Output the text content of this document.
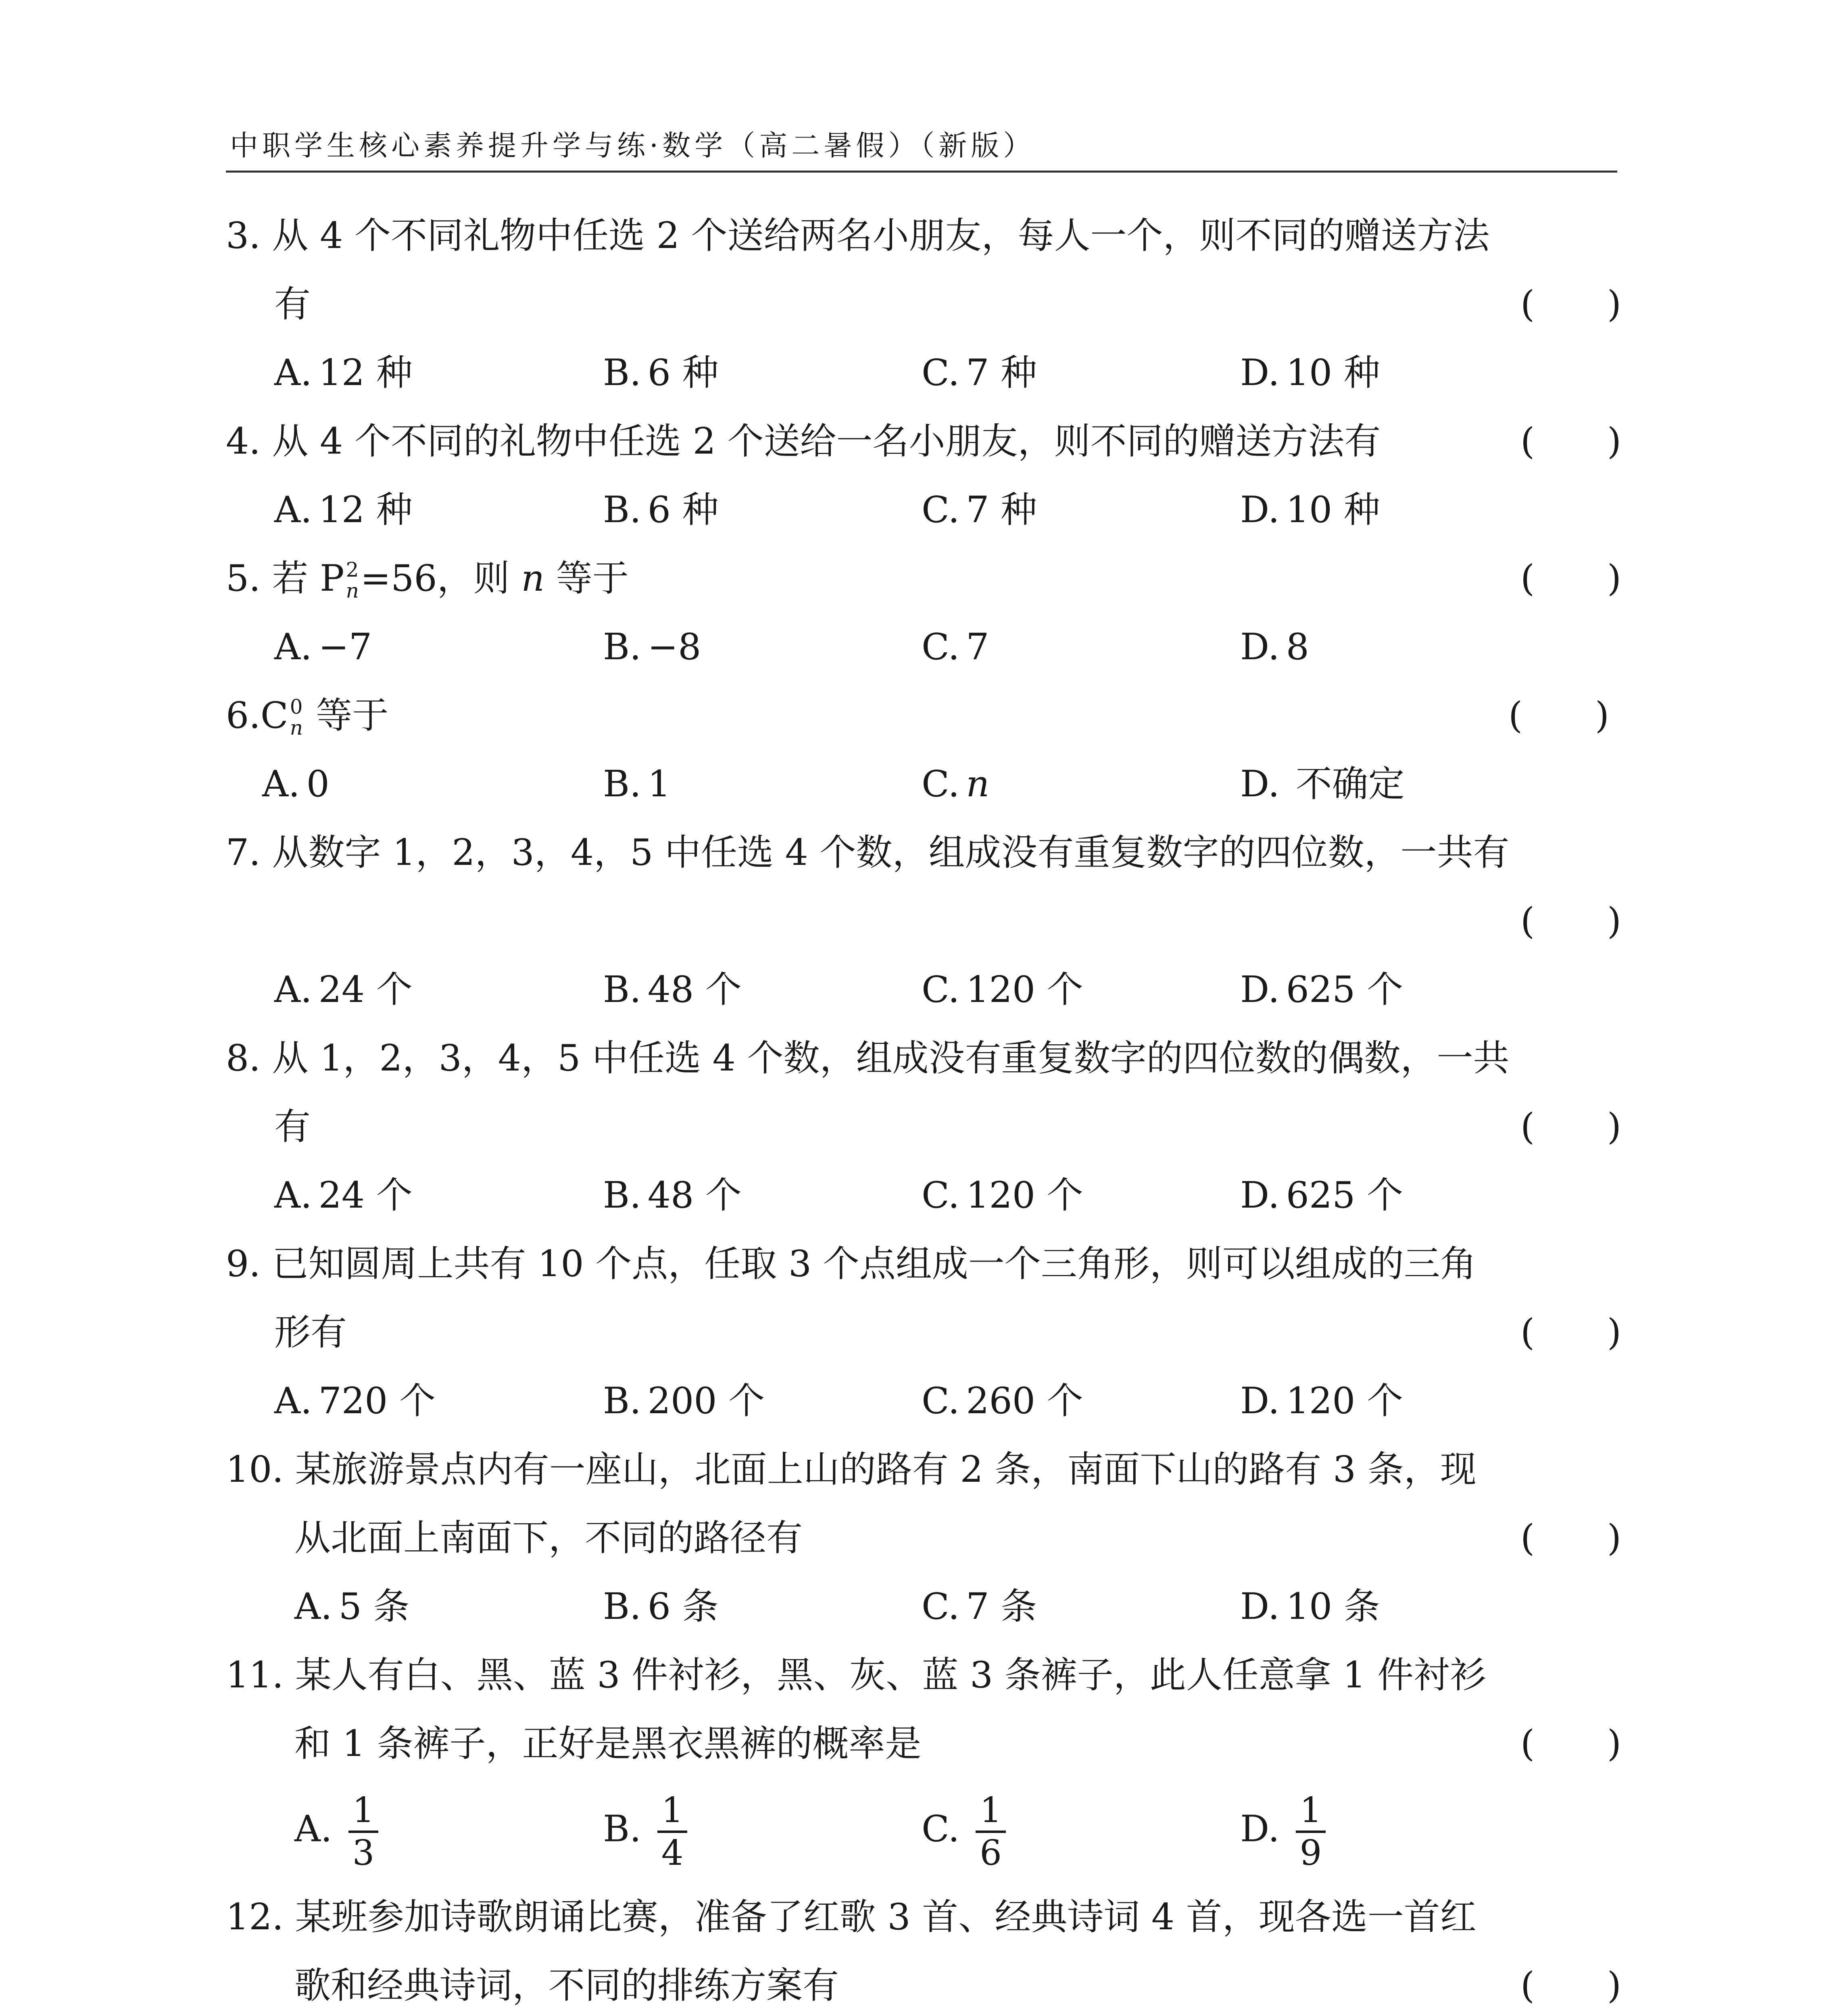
中职学生核心素养提升学与练·数学（高二暑假）（新版）
3. 从 4 个不同礼物中任选 2 个送给两名小朋友，每人一个，则不同的赠送方法
有	( )
A. 12 种	B. 6 种	C. 7 种	D. 10 种
4. 从 4 个不同的礼物中任选 2 个送给一名小朋友，则不同的赠送方法有	( )
A. 12 种	B. 6 种	C. 7 种	D. 10 种
5. 若 P 2
n =56，则 n 等于	( )
A. −7	B. −8	C. 7	D. 8
6.C 0
n 等于	( )
A. 0	B. 1	C. n	D. 不确定
7. 从数字 1，2，3，4，5 中任选 4 个数，组成没有重复数字的四位数，一共有
( )
A. 24 个	B. 48 个	C. 120 个	D. 625 个
8. 从 1，2，3，4，5 中任选 4 个数，组成没有重复数字的四位数的偶数，一共
有	( )
A. 24 个	B. 48 个	C. 120 个	D. 625 个
9. 已知圆周上共有 10 个点，任取 3 个点组成一个三角形，则可以组成的三角
形有	( )
A. 720 个	B. 200 个	C. 260 个	D. 120 个
10. 某旅游景点内有一座山，北面上山的路有 2 条，南面下山的路有 3 条，现
从北面上南面下，不同的路径有	( )
A. 5 条	B. 6 条	C. 7 条	D. 10 条
11. 某人有白、黑、蓝 3 件衬衫，黑、灰、蓝 3 条裤子，此人任意拿 1 件衬衫
和 1 条裤子，正好是黑衣黑裤的概率是	( )
A. $\frac{1}{3}$	B. $\frac{1}{4}$	C. $\frac{1}{6}$	D. $\frac{1}{9}$
12. 某班参加诗歌朗诵比赛，准备了红歌 3 首、经典诗词 4 首，现各选一首红
歌和经典诗词，不同的排练方案有	( )
